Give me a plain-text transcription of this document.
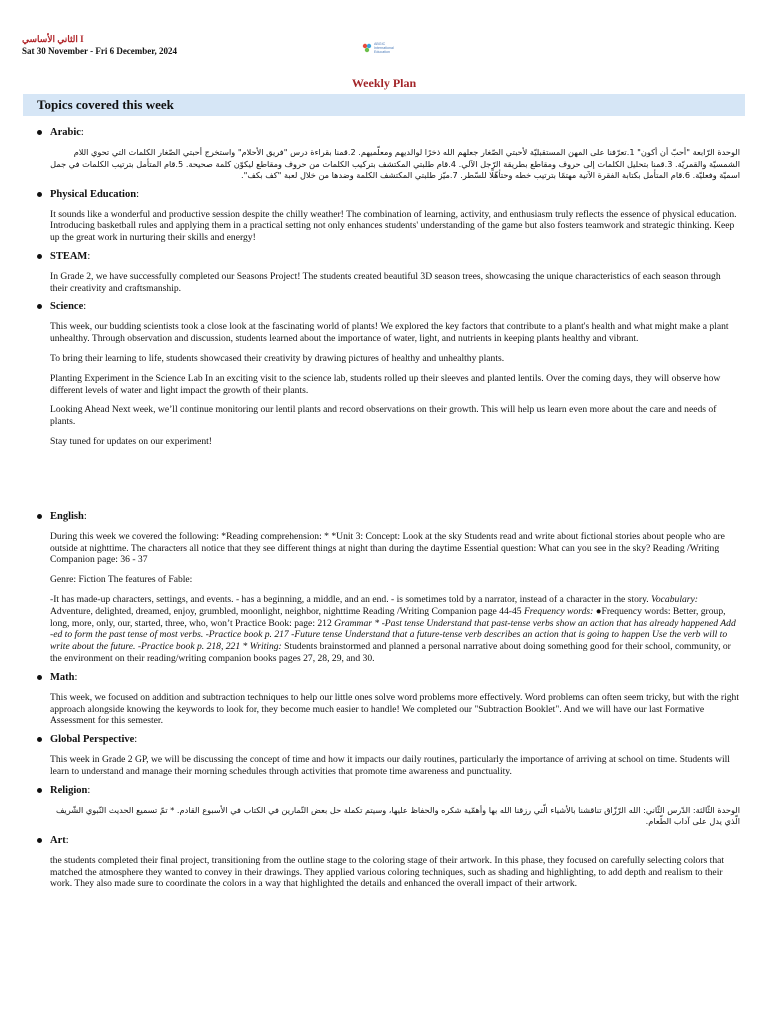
الثاني الأساسي I
Sat 30 November - Fri 6 December, 2024
ABGIC
International
Education
Weekly Plan
Topics covered this week
Arabic:

الوحدة الرّابعة "أحبّ أن أكون" 1.تعرّفنا على المهن المستقبليّة لأحبتي الصّغار جعلهم الله ذخرًا لوالديهم ومعلّميهم. 2.قمنا بقراءة درس "فريق الأحلام" واستخرج أحبتي الصّغار الكلمات التي تحوي اللام الشمسيّة والقمريّة. 3.قمنا بتحليل الكلمات إلى حروف ومقاطع بطريقة الرّجل الآلي. 4.قام طلبتي المكتشف بتركيب الكلمات من حروف ومقاطع ليكوّن كلمة صحيحة. 5.قام المتأمل بترتيب الكلمات في جمل اسميّة وفعليّة. 6.قام المتأمل بكتابة الفقرة الآتية مهتمًا بترتيب خطه وحتأهّلًا للسّطر. 7.ميّز طلبتي المكتشف الكلمة وضدها من خلال لعبة "كف بكف".

Physical Education:

It sounds like a wonderful and productive session despite the chilly weather! The combination of learning, activity, and enthusiasm truly reflects the essence of physical education. Introducing basketball rules and applying them in a practical setting not only enhances students' understanding of the game but also fosters teamwork and strategic thinking. Keep up the great work in nurturing their skills and energy!

STEAM:

In Grade 2, we have successfully completed our Seasons Project! The students created beautiful 3D season trees, showcasing the unique characteristics of each season through their creativity and craftsmanship.

Science:

This week, our budding scientists took a close look at the fascinating world of plants! We explored the key factors that contribute to a plant's health and what might make a plant unhealthy. Through observation and discussion, students learned about the importance of water, light, and nutrients in keeping plants healthy and vibrant.

To bring their learning to life, students showcased their creativity by drawing pictures of healthy and unhealthy plants.

Planting Experiment in the Science Lab In an exciting visit to the science lab, students rolled up their sleeves and planted lentils. Over the coming days, they will observe how different levels of water and light impact the growth of their plants.

Looking Ahead Next week, we’ll continue monitoring our lentil plants and record observations on their growth. This will help us learn even more about the care and needs of plants.

Stay tuned for updates on our experiment!

English:

During this week we covered the following: *Reading comprehension: * *Unit 3: Concept: Look at the sky Students read and write about fictional stories about people who are outside at nighttime. The characters all notice that they see different things at night than during the daytime Essential question: What can you see in the sky? Reading /Writing Companion page: 36 - 37

Genre: Fiction The features of Fable:

-It has made-up characters, settings, and events. - has a beginning, a middle, and an end. - is sometimes told by a narrator, instead of a character in the story. Vocabulary: Adventure, delighted, dreamed, enjoy, grumbled, moonlight, neighbor, nighttime Reading /Writing Companion page 44-45 Frequency words: ●Frequency words: Better, group, long, more, only, our, started, three, who, won’t Practice Book: page: 212 Grammar * -Past tense Understand that past-tense verbs show an action that has already happened Add -ed to form the past tense of most verbs. -Practice book p. 217 -Future tense Understand that a future-tense verb describes an action that is going to happen Use the verb will to write about the future. -Practice book p. 218, 221 * Writing: Students brainstormed and planned a personal narrative about doing something good for their school, community, or the environment on their reading/writing companion books pages 27, 28, 29, and 30.

Math:

This week, we focused on addition and subtraction techniques to help our little ones solve word problems more effectively. Word problems can often seem tricky, but with the right approach alongside knowing the keywords to look for, they become much easier to handle! We completed our "Subtraction Booklet". And we will have our last Formative Assessment for this semester.

Global Perspective:

This week in Grade 2 GP, we will be discussing the concept of time and how it impacts our daily routines, particularly the importance of arriving at school on time. Students will learn to understand and manage their morning schedules through activities that promote time awareness and punctuality.

Religion:

الوحدة الثّالثة: الدّرس الثّاني: الله الرّزّاق تناقشنا بالأشياء الّتي رزقنا الله بها وأهمّية شكره والحفاظ عليها، وسيتم تكملة حل بعض التّمارين في الكتاب في الأسبوع القادم. * تمّ تسميع الحديث النّبوي الشّريف الّذي يدل على آداب الطّعام.

Art:

the students completed their final project, transitioning from the outline stage to the coloring stage of their artwork. In this phase, they focused on carefully selecting colors that matched the atmosphere they wanted to convey in their drawings. They applied various coloring techniques, such as shading and highlighting, to add depth and realism to their work. They also made sure to coordinate the colors in a way that highlighted the details and enhanced the overall impact of their artwork.
